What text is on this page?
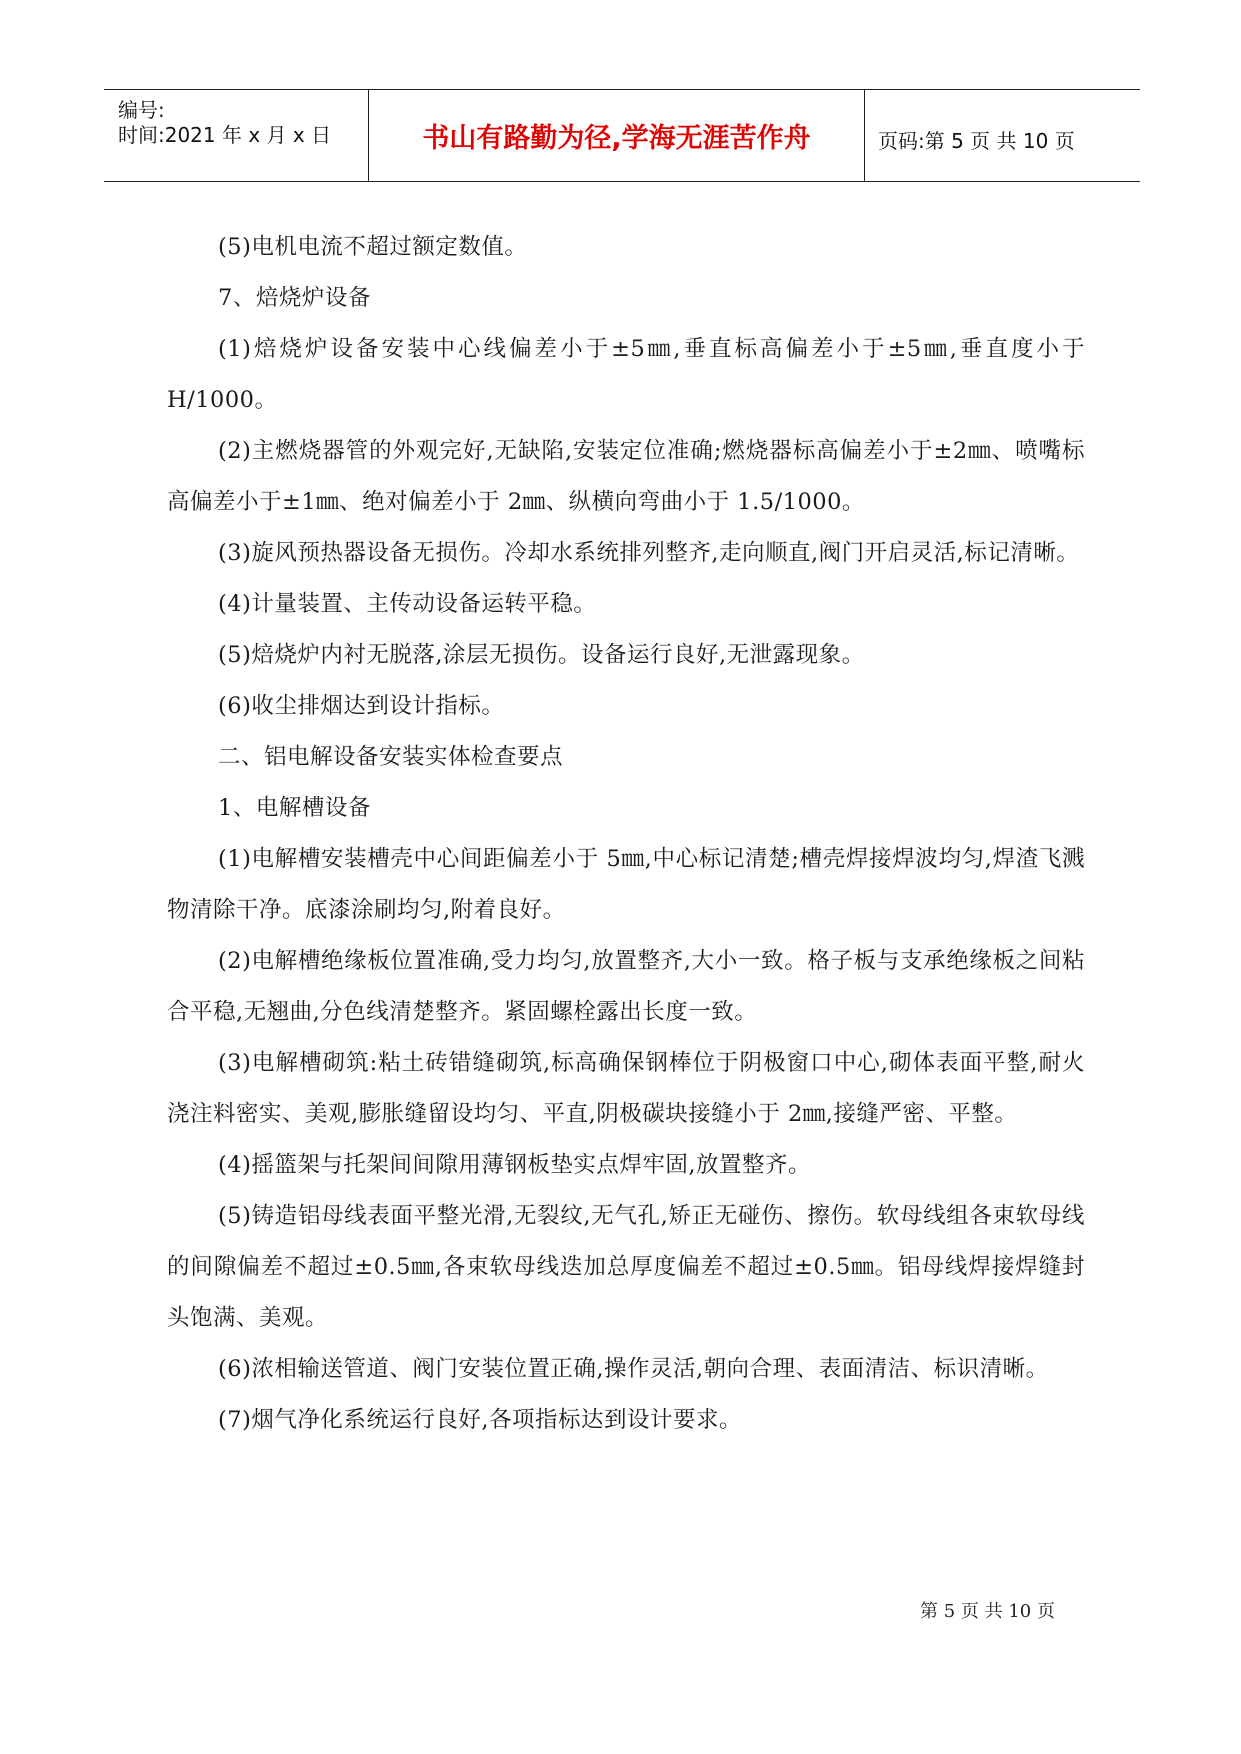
编号:
时间:2021 年 x 月 x 日	书山有路勤为径,学海无涯苦作舟	页码:第 5 页 共 10 页

(5)电机电流不超过额定数值。

7、焙烧炉设备

(1)焙烧炉设备安装中心线偏差小于±5㎜,垂直标高偏差小于±5㎜,垂直度小于 H/1000。

(2)主燃烧器管的外观完好,无缺陷,安装定位准确;燃烧器标高偏差小于±2㎜、喷嘴标高偏差小于±1㎜、绝对偏差小于 2㎜、纵横向弯曲小于 1.5/1000。

(3)旋风预热器设备无损伤。冷却水系统排列整齐,走向顺直,阀门开启灵活,标记清晰。

(4)计量装置、主传动设备运转平稳。

(5)焙烧炉内衬无脱落,涂层无损伤。设备运行良好,无泄露现象。

(6)收尘排烟达到设计指标。

二、铝电解设备安装实体检查要点

1、电解槽设备

(1)电解槽安装槽壳中心间距偏差小于 5㎜,中心标记清楚;槽壳焊接焊波均匀,焊渣飞溅物清除干净。底漆涂刷均匀,附着良好。

(2)电解槽绝缘板位置准确,受力均匀,放置整齐,大小一致。格子板与支承绝缘板之间粘合平稳,无翘曲,分色线清楚整齐。紧固螺栓露出长度一致。

(3)电解槽砌筑:粘土砖错缝砌筑,标高确保钢棒位于阴极窗口中心,砌体表面平整,耐火浇注料密实、美观,膨胀缝留设均匀、平直,阴极碳块接缝小于 2㎜,接缝严密、平整。

(4)摇篮架与托架间间隙用薄钢板垫实点焊牢固,放置整齐。

(5)铸造铝母线表面平整光滑,无裂纹,无气孔,矫正无碰伤、擦伤。软母线组各束软母线的间隙偏差不超过±0.5㎜,各束软母线迭加总厚度偏差不超过±0.5㎜。铝母线焊接焊缝封头饱满、美观。

(6)浓相输送管道、阀门安装位置正确,操作灵活,朝向合理、表面清洁、标识清晰。

(7)烟气净化系统运行良好,各项指标达到设计要求。

第 5 页 共 10 页
